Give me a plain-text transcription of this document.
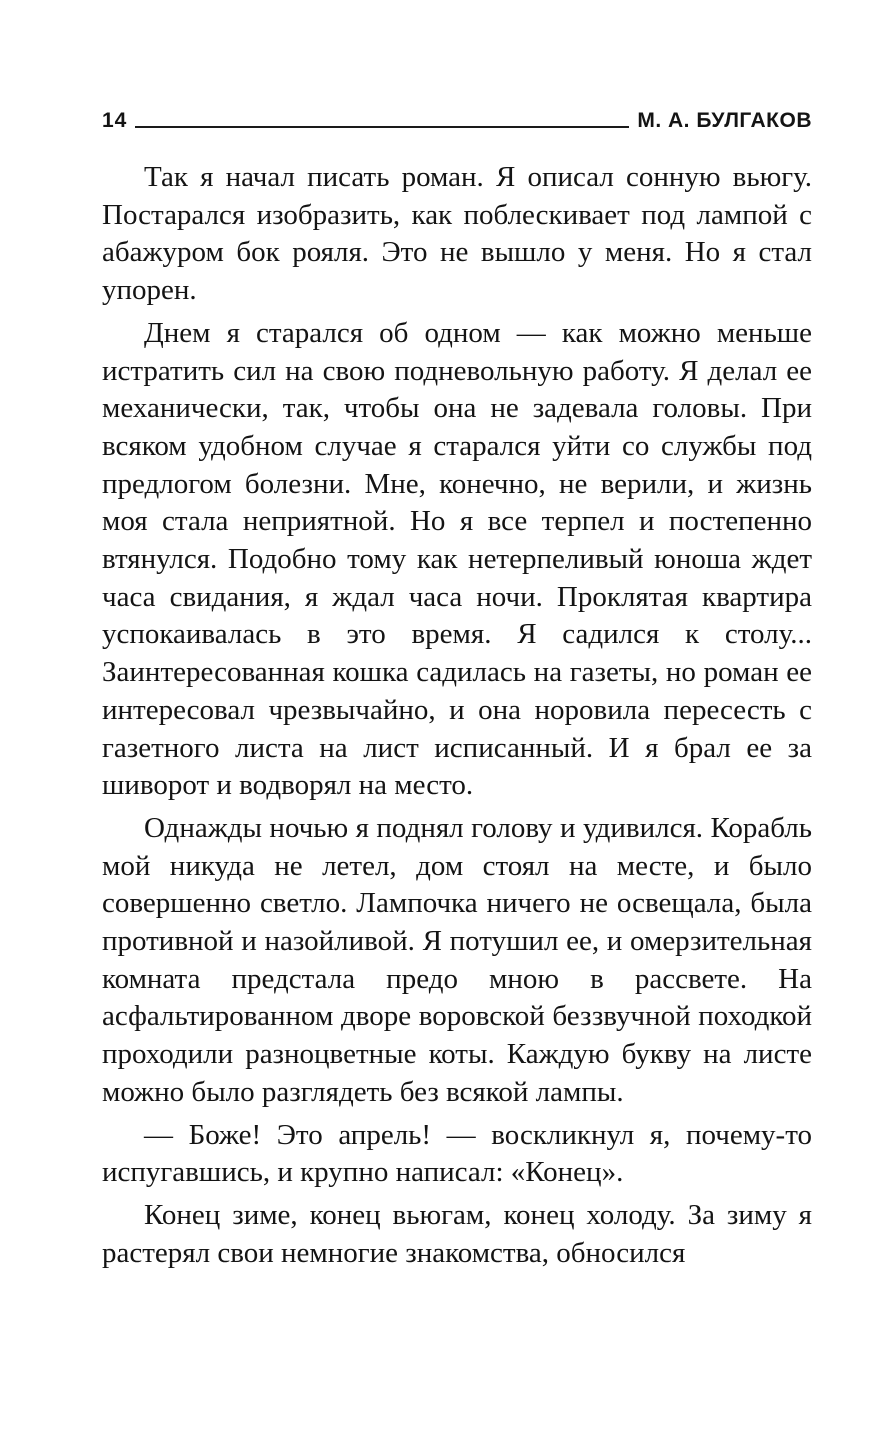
14	М. А. БУЛГАКОВ

Так я начал писать роман. Я описал сонную вьюгу. Постарался изобразить, как поблескивает под лампой с абажуром бок рояля. Это не вышло у меня. Но я стал упорен.

Днем я старался об одном — как можно меньше истратить сил на свою подневольную работу. Я делал ее механически, так, чтобы она не задевала головы. При всяком удобном случае я старался уйти со службы под предлогом болезни. Мне, конечно, не верили, и жизнь моя стала неприятной. Но я все терпел и постепенно втянулся. Подобно тому как нетерпеливый юноша ждет часа свидания, я ждал часа ночи. Проклятая квартира успокаивалась в это время. Я садился к столу... Заинтересованная кошка садилась на газеты, но роман ее интересовал чрезвычайно, и она норовила пересесть с газетного листа на лист исписанный. И я брал ее за шиворот и водворял на место.

Однажды ночью я поднял голову и удивился. Корабль мой никуда не летел, дом стоял на месте, и было совершенно светло. Лампочка ничего не освещала, была противной и назойливой. Я потушил ее, и омерзительная комната предстала предо мною в рассвете. На асфальтированном дворе воровской беззвучной походкой проходили разноцветные коты. Каждую букву на листе можно было разглядеть без всякой лампы.

— Боже! Это апрель! — воскликнул я, почему-то испугавшись, и крупно написал: «Конец».

Конец зиме, конец вьюгам, конец холоду. За зиму я растерял свои немногие знакомства, обносился
